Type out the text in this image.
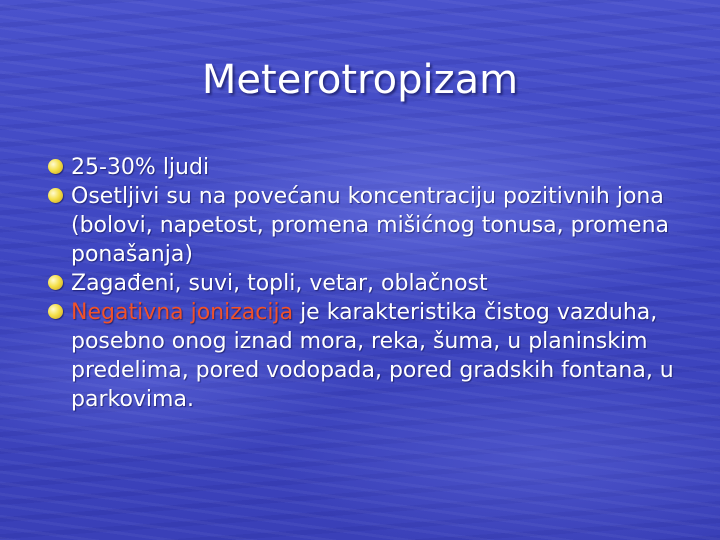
Meterotropizam
25-30% ljudi
Osetljivi su na povećanu koncentraciju pozitivnih jona (bolovi, napetost, promena mišićnog tonusa, promena ponašanja)
Zagađeni, suvi, topli, vetar, oblačnost
Negativna jonizacija je karakteristika čistog vazduha, posebno onog iznad mora, reka, šuma, u planinskim predelima, pored vodopada, pored gradskih fontana, u parkovima.
